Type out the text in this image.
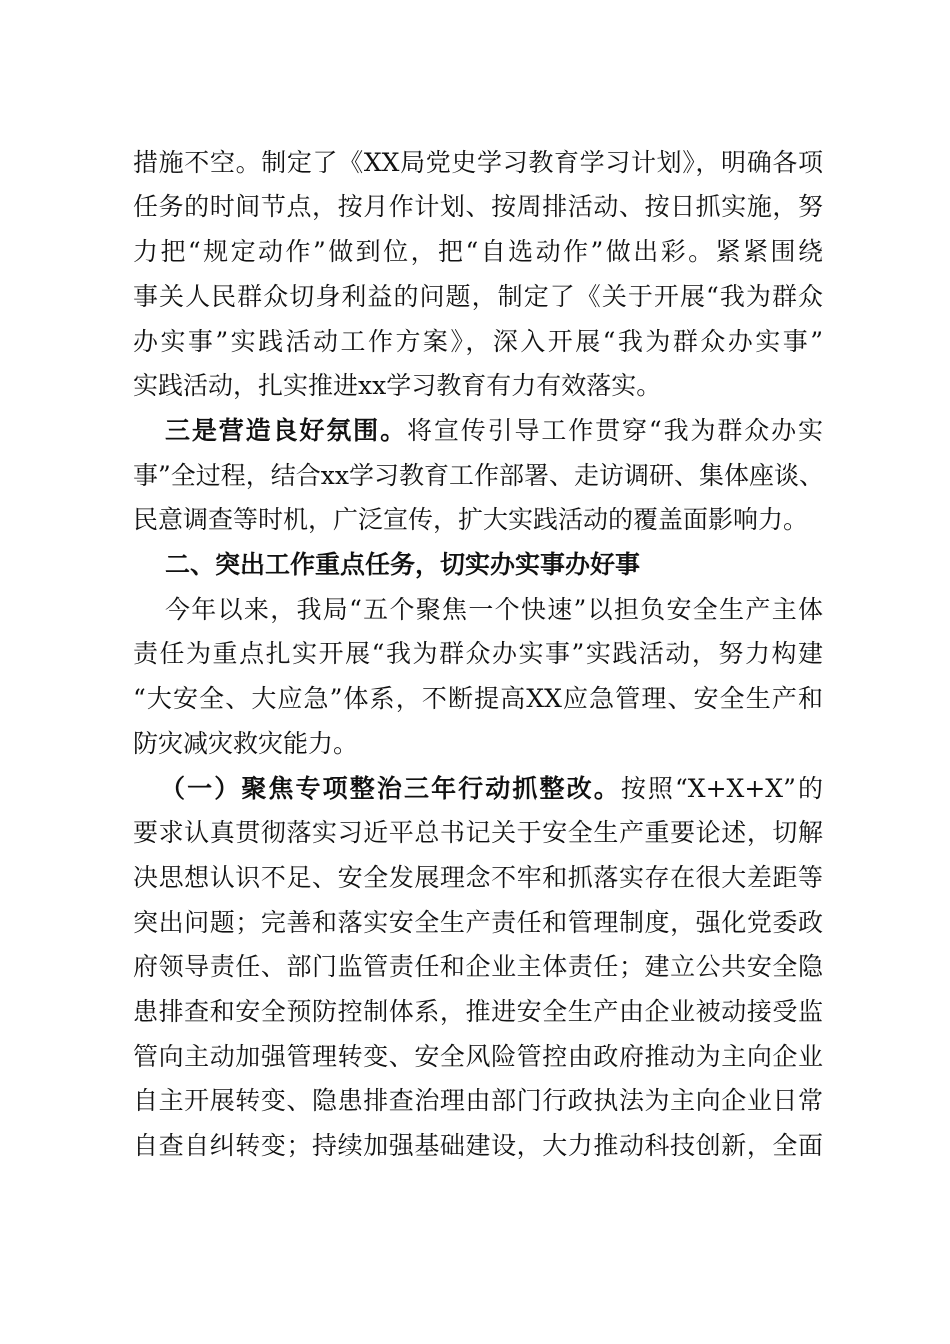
措施不空。制定了《XX局党史学习教育学习计划》，明确各项
任务的时间节点，按月作计划、按周排活动、按日抓实施，努
力把“规定动作”做到位，把“自选动作”做出彩。紧紧围绕
事关人民群众切身利益的问题，制定了《关于开展“我为群众
办实事”实践活动工作方案》，深入开展“我为群众办实事”
实践活动，扎实推进xx学习教育有力有效落实。
三是营造良好氛围。将宣传引导工作贯穿“我为群众办实
事”全过程，结合xx学习教育工作部署、走访调研、集体座谈、
民意调查等时机，广泛宣传，扩大实践活动的覆盖面影响力。
二、突出工作重点任务，切实办实事办好事
今年以来，我局“五个聚焦一个快速”以担负安全生产主体
责任为重点扎实开展“我为群众办实事”实践活动，努力构建
“大安全、大应急”体系，不断提高XX应急管理、安全生产和
防灾减灾救灾能力。
（一）聚焦专项整治三年行动抓整改。按照“X+X+X”的
要求认真贯彻落实习近平总书记关于安全生产重要论述，切解
决思想认识不足、安全发展理念不牢和抓落实存在很大差距等
突出问题；完善和落实安全生产责任和管理制度，强化党委政
府领导责任、部门监管责任和企业主体责任；建立公共安全隐
患排查和安全预防控制体系，推进安全生产由企业被动接受监
管向主动加强管理转变、安全风险管控由政府推动为主向企业
自主开展转变、隐患排查治理由部门行政执法为主向企业日常
自查自纠转变；持续加强基础建设，大力推动科技创新，全面
